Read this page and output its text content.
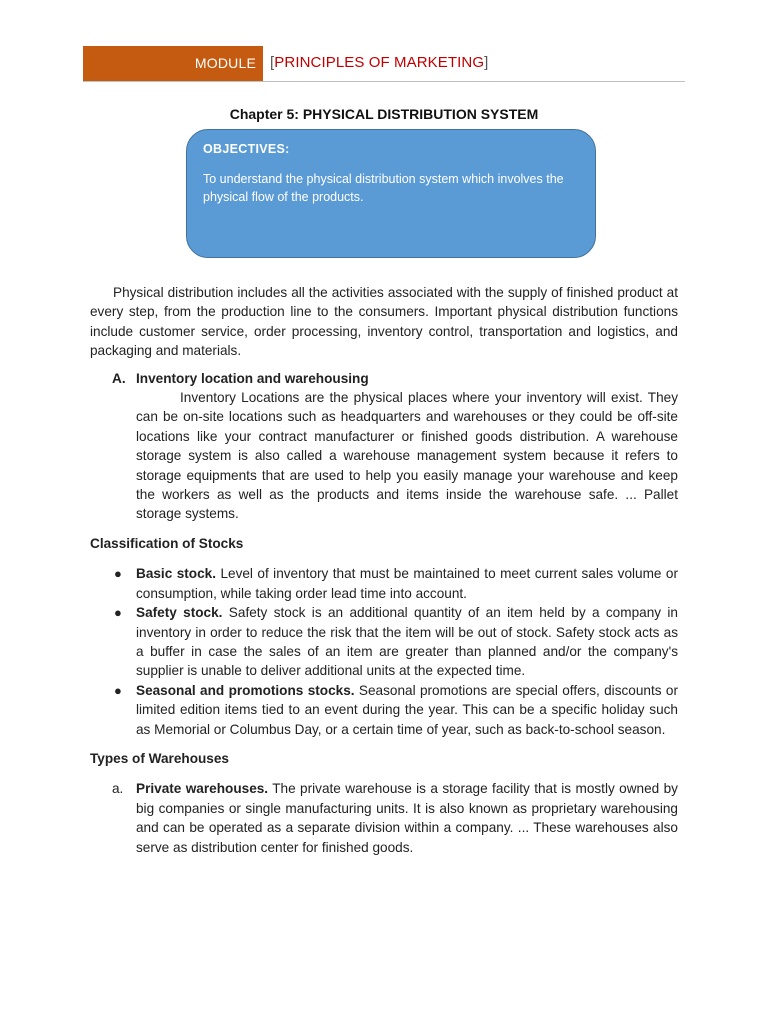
MODULE [PRINCIPLES OF MARKETING]
Chapter 5: PHYSICAL DISTRIBUTION SYSTEM
OBJECTIVES:
To understand the physical distribution system which involves the physical flow of the products.

Physical distribution includes all the activities associated with the supply of finished product at every step, from the production line to the consumers. Important physical distribution functions include customer service, order processing, inventory control, transportation and logistics, and packaging and materials.

A. Inventory location and warehousing

Inventory Locations are the physical places where your inventory will exist. They can be on-site locations such as headquarters and warehouses or they could be off-site locations like your contract manufacturer or finished goods distribution. A warehouse storage system is also called a warehouse management system because it refers to storage equipments that are used to help you easily manage your warehouse and keep the workers as well as the products and items inside the warehouse safe. ... Pallet storage systems.

Classification of Stocks

● Basic stock. Level of inventory that must be maintained to meet current sales volume or consumption, while taking order lead time into account.
● Safety stock. Safety stock is an additional quantity of an item held by a company in inventory in order to reduce the risk that the item will be out of stock. Safety stock acts as a buffer in case the sales of an item are greater than planned and/or the company's supplier is unable to deliver additional units at the expected time.
● Seasonal and promotions stocks. Seasonal promotions are special offers, discounts or limited edition items tied to an event during the year. This can be a specific holiday such as Memorial or Columbus Day, or a certain time of year, such as back-to-school season.

Types of Warehouses

a. Private warehouses. The private warehouse is a storage facility that is mostly owned by big companies or single manufacturing units. It is also known as proprietary warehousing and can be operated as a separate division within a company. ... These warehouses also serve as distribution center for finished goods.
